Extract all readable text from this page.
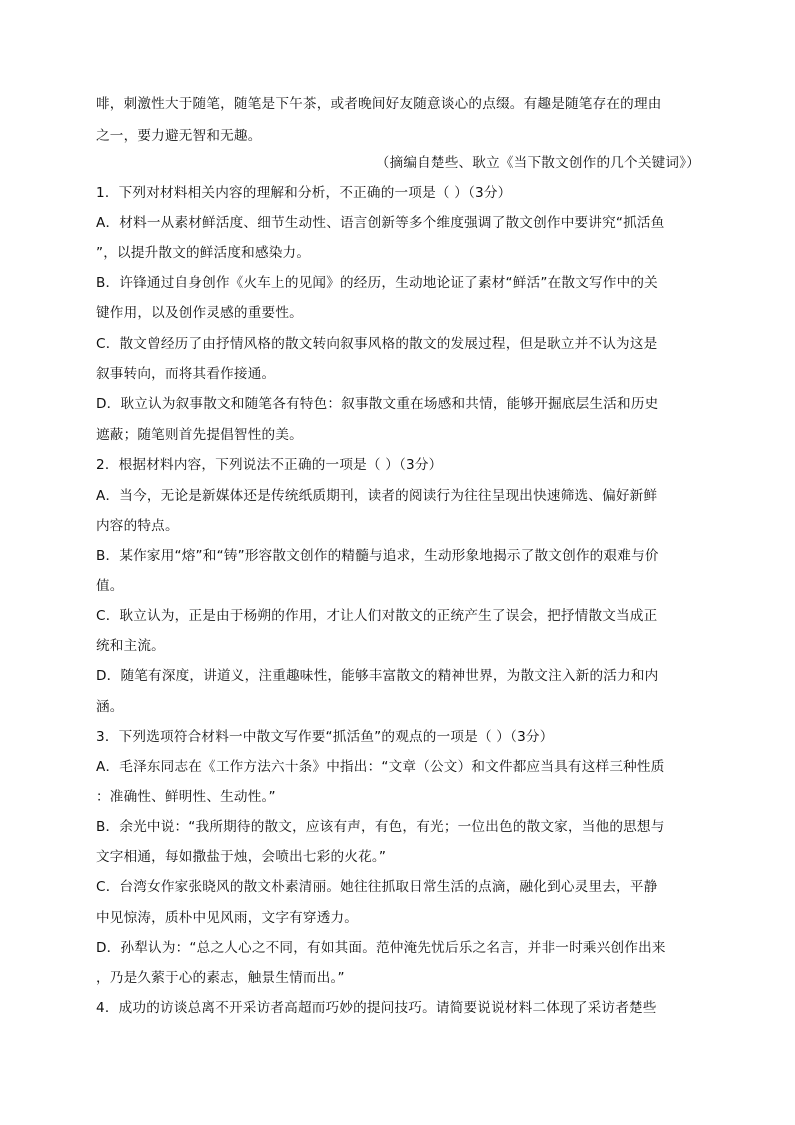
啡，刺激性大于随笔，随笔是下午茶，或者晚间好友随意谈心的点缀。有趣是随笔存在的理由
之一，要力避无智和无趣。
（摘编自楚些、耿立《当下散文创作的几个关键词》）
1．下列对材料相关内容的理解和分析，不正确的一项是（ ）（3分）
A．材料一从素材鲜活度、细节生动性、语言创新等多个维度强调了散文创作中要讲究“抓活鱼
”，以提升散文的鲜活度和感染力。
B．许锋通过自身创作《火车上的见闻》的经历，生动地论证了素材“鲜活”在散文写作中的关
键作用，以及创作灵感的重要性。
C．散文曾经历了由抒情风格的散文转向叙事风格的散文的发展过程，但是耿立并不认为这是
叙事转向，而将其看作接通。
D．耿立认为叙事散文和随笔各有特色：叙事散文重在场感和共情，能够开掘底层生活和历史
遮蔽；随笔则首先提倡智性的美。
2．根据材料内容，下列说法不正确的一项是（ ）（3分）
A．当今，无论是新媒体还是传统纸质期刊，读者的阅读行为往往呈现出快速筛选、偏好新鲜
内容的特点。
B．某作家用“熔”和“铸”形容散文创作的精髓与追求，生动形象地揭示了散文创作的艰难与价
值。
C．耿立认为，正是由于杨朔的作用，才让人们对散文的正统产生了误会，把抒情散文当成正
统和主流。
D．随笔有深度，讲道义，注重趣味性，能够丰富散文的精神世界，为散文注入新的活力和内
涵。
3．下列选项符合材料一中散文写作要“抓活鱼”的观点的一项是（ ）（3分）
A．毛泽东同志在《工作方法六十条》中指出：“文章（公文）和文件都应当具有这样三种性质
：准确性、鲜明性、生动性。”
B．余光中说：“我所期待的散文，应该有声，有色，有光；一位出色的散文家，当他的思想与
文字相通，每如撒盐于烛，会喷出七彩的火花。”
C．台湾女作家张晓风的散文朴素清丽。她往往抓取日常生活的点滴，融化到心灵里去，平静
中见惊涛，质朴中见风雨，文字有穿透力。
D．孙犁认为：“总之人心之不同，有如其面。范仲淹先忧后乐之名言，并非一时乘兴创作出来
，乃是久萦于心的素志，触景生情而出。”
4．成功的访谈总离不开采访者高超而巧妙的提问技巧。请简要说说材料二体现了采访者楚些
